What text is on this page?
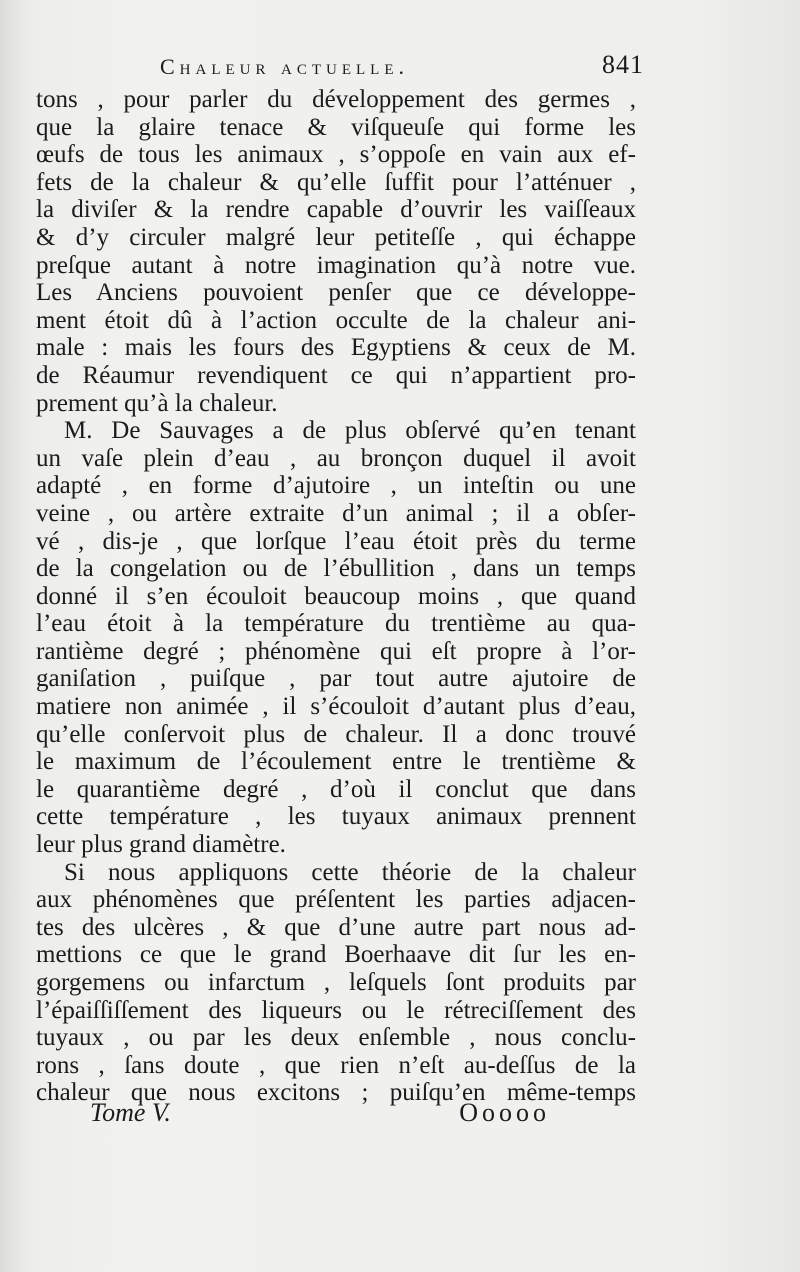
Chaleur actuelle.	841
tons , pour parler du développement des germes ,
que la glaire tenace & viſqueuſe qui forme les
œufs de tous les animaux , s’oppoſe en vain aux ef-
fets de la chaleur & qu’elle ſuffit pour l’atténuer ,
la diviſer & la rendre capable d’ouvrir les vaiſſeaux
& d’y circuler malgré leur petiteſſe , qui échappe
preſque autant à notre imagination qu’à notre vue.
Les Anciens pouvoient penſer que ce développe-
ment étoit dû à l’action occulte de la chaleur ani-
male : mais les fours des Egyptiens & ceux de M.
de Réaumur revendiquent ce qui n’appartient pro-
prement qu’à la chaleur.
M. De Sauvages a de plus obſervé qu’en tenant
un vaſe plein d’eau , au bronçon duquel il avoit
adapté , en forme d’ajutoire , un inteſtin ou une
veine , ou artère extraite d’un animal ; il a obſer-
vé , dis-je , que lorſque l’eau étoit près du terme
de la congelation ou de l’ébullition , dans un temps
donné il s’en écouloit beaucoup moins , que quand
l’eau étoit à la température du trentième au qua-
rantième degré ; phénomène qui eſt propre à l’or-
ganiſation , puiſque , par tout autre ajutoire de
matiere non animée , il s’écouloit d’autant plus d’eau,
qu’elle conſervoit plus de chaleur. Il a donc trouvé
le maximum de l’écoulement entre le trentième &
le quarantième degré , d’où il conclut que dans
cette température , les tuyaux animaux prennent
leur plus grand diamètre.
Si nous appliquons cette théorie de la chaleur
aux phénomènes que préſentent les parties adjacen-
tes des ulcères , & que d’une autre part nous ad-
mettions ce que le grand Boerhaave dit ſur les en-
gorgemens ou infarctum , leſquels ſont produits par
l’épaiſſiſſement des liqueurs ou le rétreciſſement des
tuyaux , ou par les deux enſemble , nous conclu-
rons , ſans doute , que rien n’eſt au-deſſus de la
chaleur que nous excitons ; puiſqu’en même-temps
Tome V.	Ooooo
